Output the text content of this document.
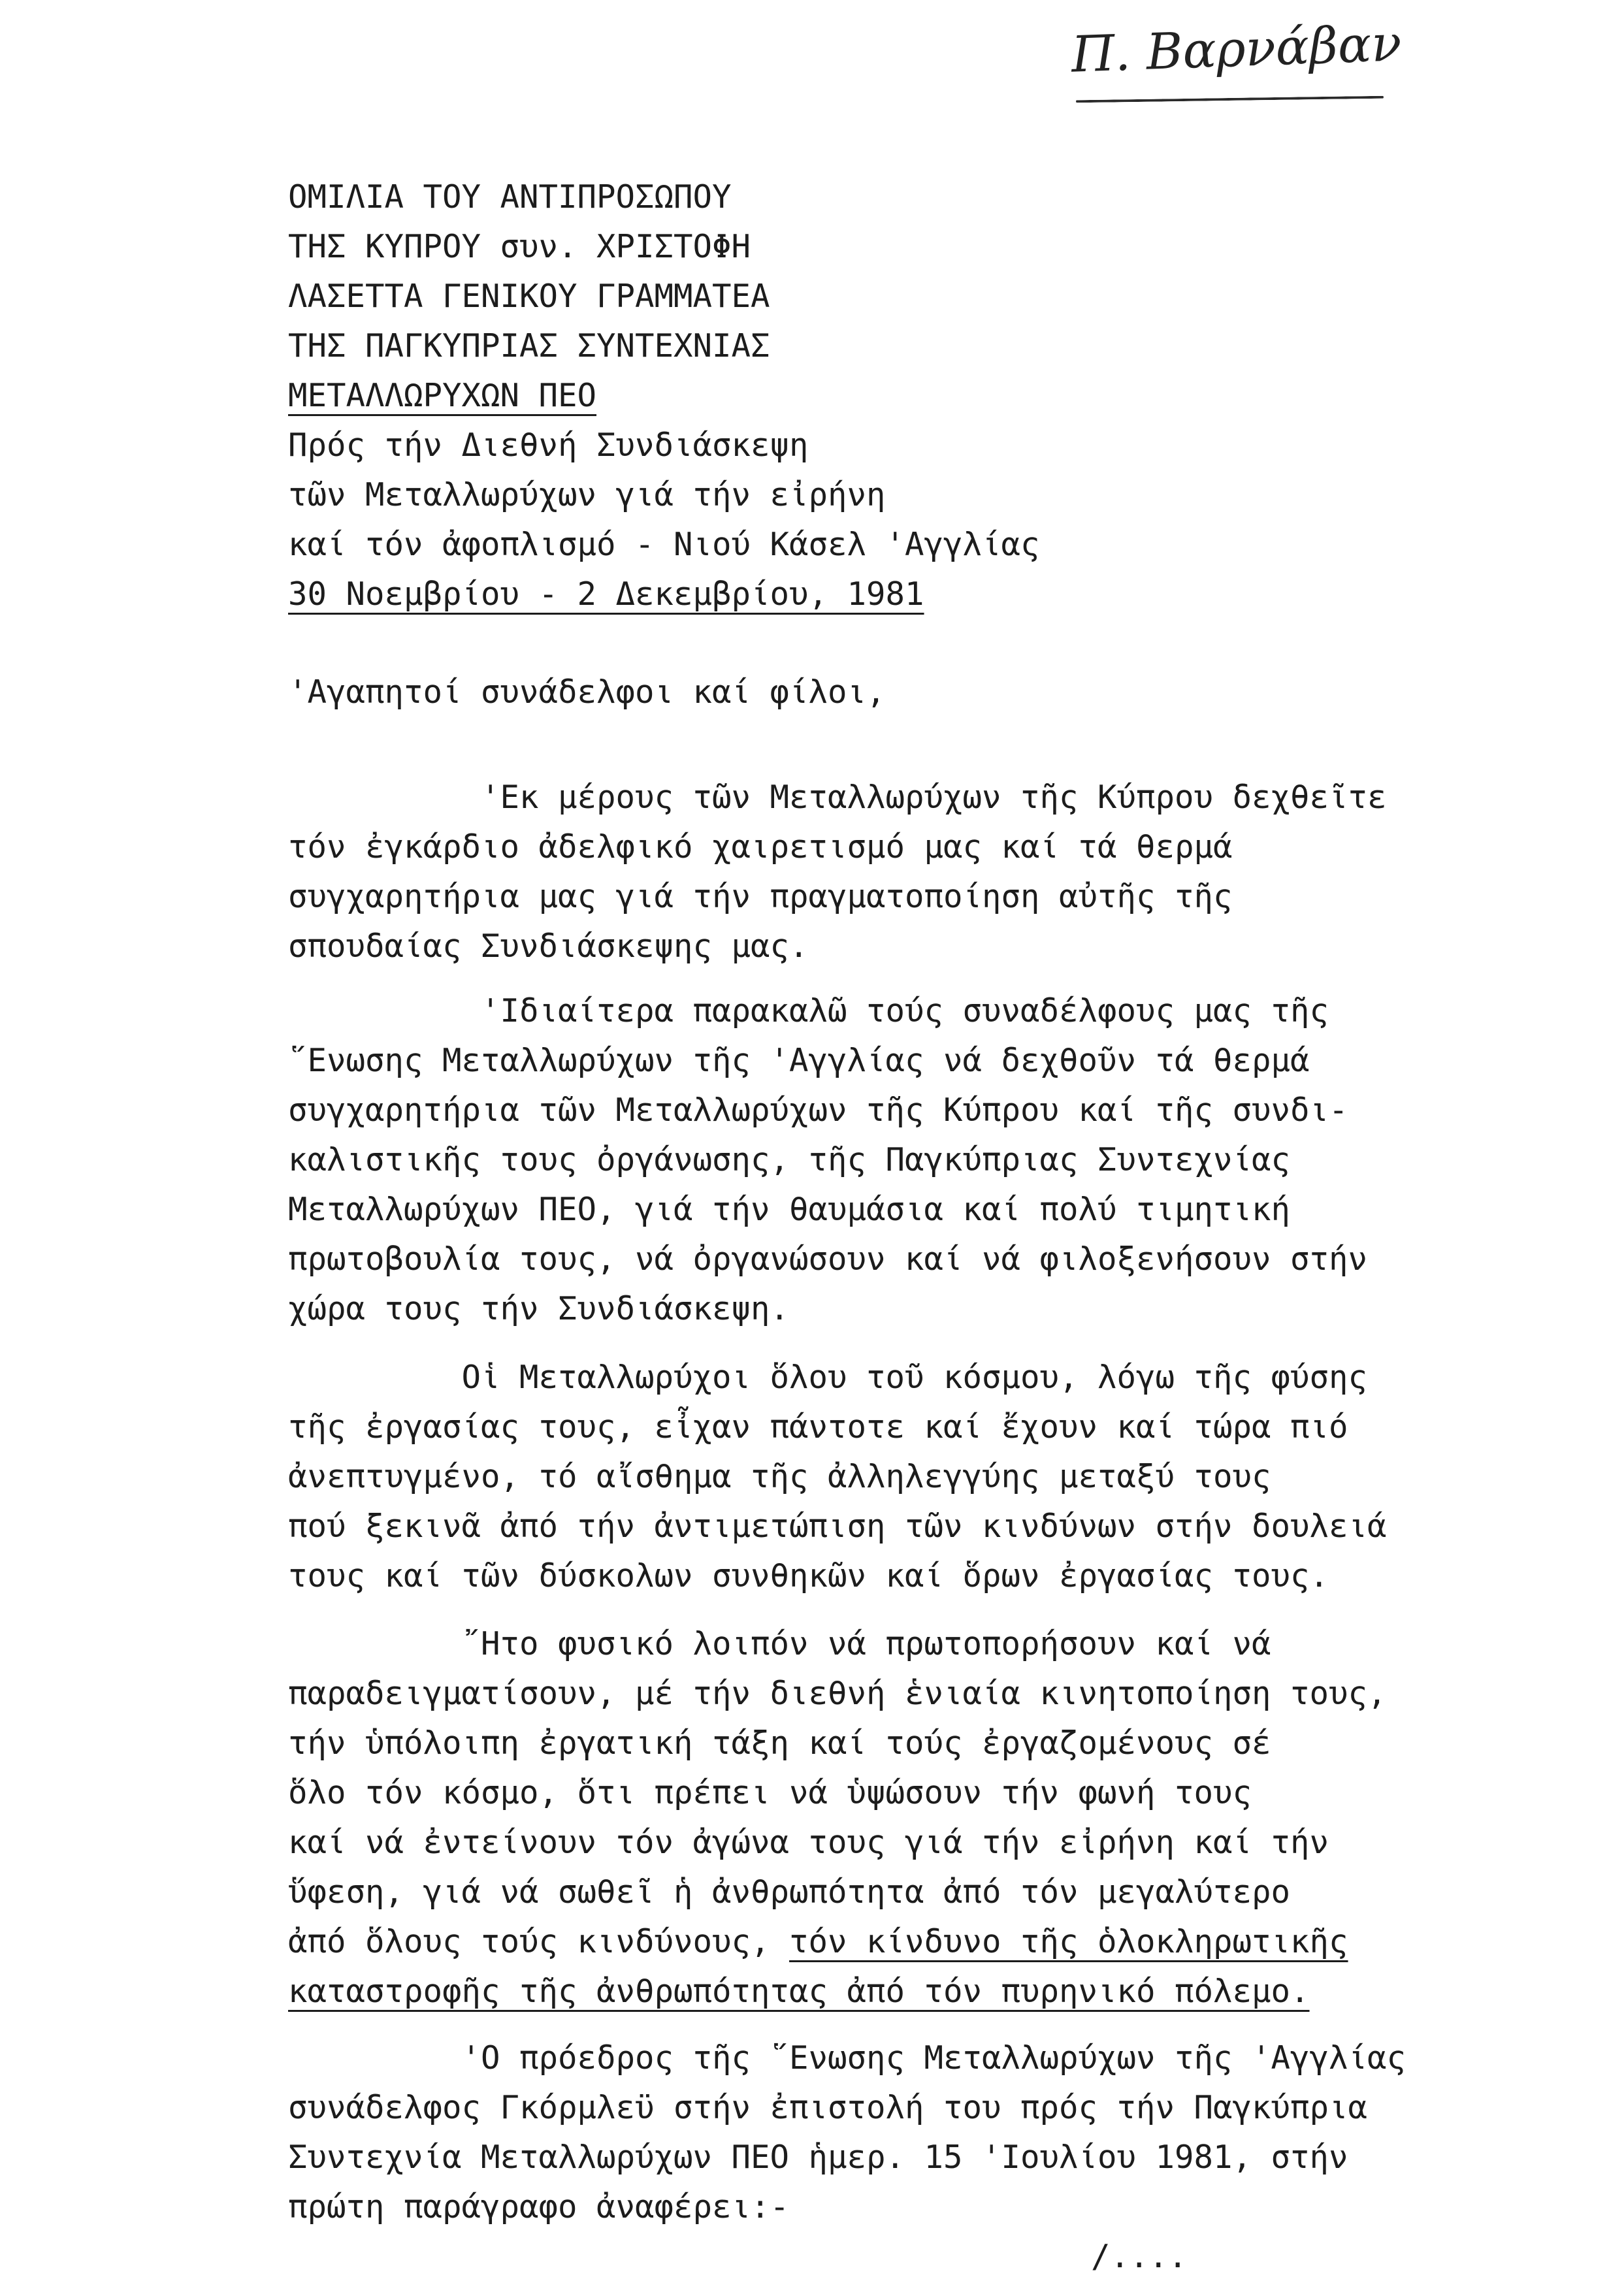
Π. Βαρνάβαν
ΟΜΙΛΙΑ ΤΟΥ ΑΝΤΙΠΡΟΣΩΠΟΥ
ΤΗΣ ΚΥΠΡΟΥ συν. ΧΡΙΣΤΟΦΗ
ΛΑΣΕΤΤΑ ΓΕΝΙΚΟΥ ΓΡΑΜΜΑΤΕΑ
ΤΗΣ ΠΑΓΚΥΠΡΙΑΣ ΣΥΝΤΕΧΝΙΑΣ
ΜΕΤΑΛΛΩΡΥΧΩΝ ΠΕΟ
Πρός τήν Διεθνή Συνδιάσκεψη
τῶν Μεταλλωρύχων γιά τήν εἰρήνη
καί τόν ἀφοπλισμό - Νιού Κάσελ 'Αγγλίας
30 Νοεμβρίου - 2 Δεκεμβρίου, 1981
'Αγαπητοί συνάδελφοι καί φίλοι,
'Εκ μέρους τῶν Μεταλλωρύχων τῆς Κύπρου δεχθεῖτε
τόν ἐγκάρδιο ἀδελφικό χαιρετισμό μας καί τά θερμά
συγχαρητήρια μας γιά τήν πραγματοποίηση αὐτῆς τῆς
σπουδαίας Συνδιάσκεψης μας.
'Ιδιαίτερα παρακαλῶ τούς συναδέλφους μας τῆς
῞Ενωσης Μεταλλωρύχων τῆς 'Αγγλίας νά δεχθοῦν τά θερμά
συγχαρητήρια τῶν Μεταλλωρύχων τῆς Κύπρου καί τῆς συνδι-
καλιστικῆς τους ὀργάνωσης, τῆς Παγκύπριας Συντεχνίας
Μεταλλωρύχων ΠΕΟ, γιά τήν θαυμάσια καί πολύ τιμητική
πρωτοβουλία τους, νά ὀργανώσουν καί νά φιλοξενήσουν στήν
χώρα τους τήν Συνδιάσκεψη.
Οἱ Μεταλλωρύχοι ὅλου τοῦ κόσμου, λόγω τῆς φύσης
τῆς ἐργασίας τους, εἶχαν πάντοτε καί ἔχουν καί τώρα πιό
ἀνεπτυγμένο, τό αἴσθημα τῆς ἀλληλεγγύης μεταξύ τους
πού ξεκινᾶ ἀπό τήν ἀντιμετώπιση τῶν κινδύνων στήν δουλειά
τους καί τῶν δύσκολων συνθηκῶν καί ὅρων ἐργασίας τους.
῎Ητο φυσικό λοιπόν νά πρωτοπορήσουν καί νά
παραδειγματίσουν, μέ τήν διεθνή ἑνιαία κινητοποίηση τους,
τήν ὑπόλοιπη ἐργατική τάξη καί τούς ἐργαζομένους σέ
ὅλο τόν κόσμο, ὅτι πρέπει νά ὑψώσουν τήν φωνή τους
καί νά ἐντείνουν τόν ἀγώνα τους γιά τήν εἰρήνη καί τήν
ὕφεση, γιά νά σωθεῖ ἡ ἀνθρωπότητα ἀπό τόν μεγαλύτερο
ἀπό ὅλους τούς κινδύνους, τόν κίνδυνο τῆς ὁλοκληρωτικῆς
καταστροφῆς τῆς ἀνθρωπότητας ἀπό τόν πυρηνικό πόλεμο.
'Ο πρόεδρος τῆς ῞Ενωσης Μεταλλωρύχων τῆς 'Αγγλίας
συνάδελφος Γκόρμλεϋ στήν ἐπιστολή του πρός τήν Παγκύπρια
Συντεχνία Μεταλλωρύχων ΠΕΟ ἡμερ. 15 'Ιουλίου 1981, στήν
πρώτη παράγραφο ἀναφέρει:-
/....
